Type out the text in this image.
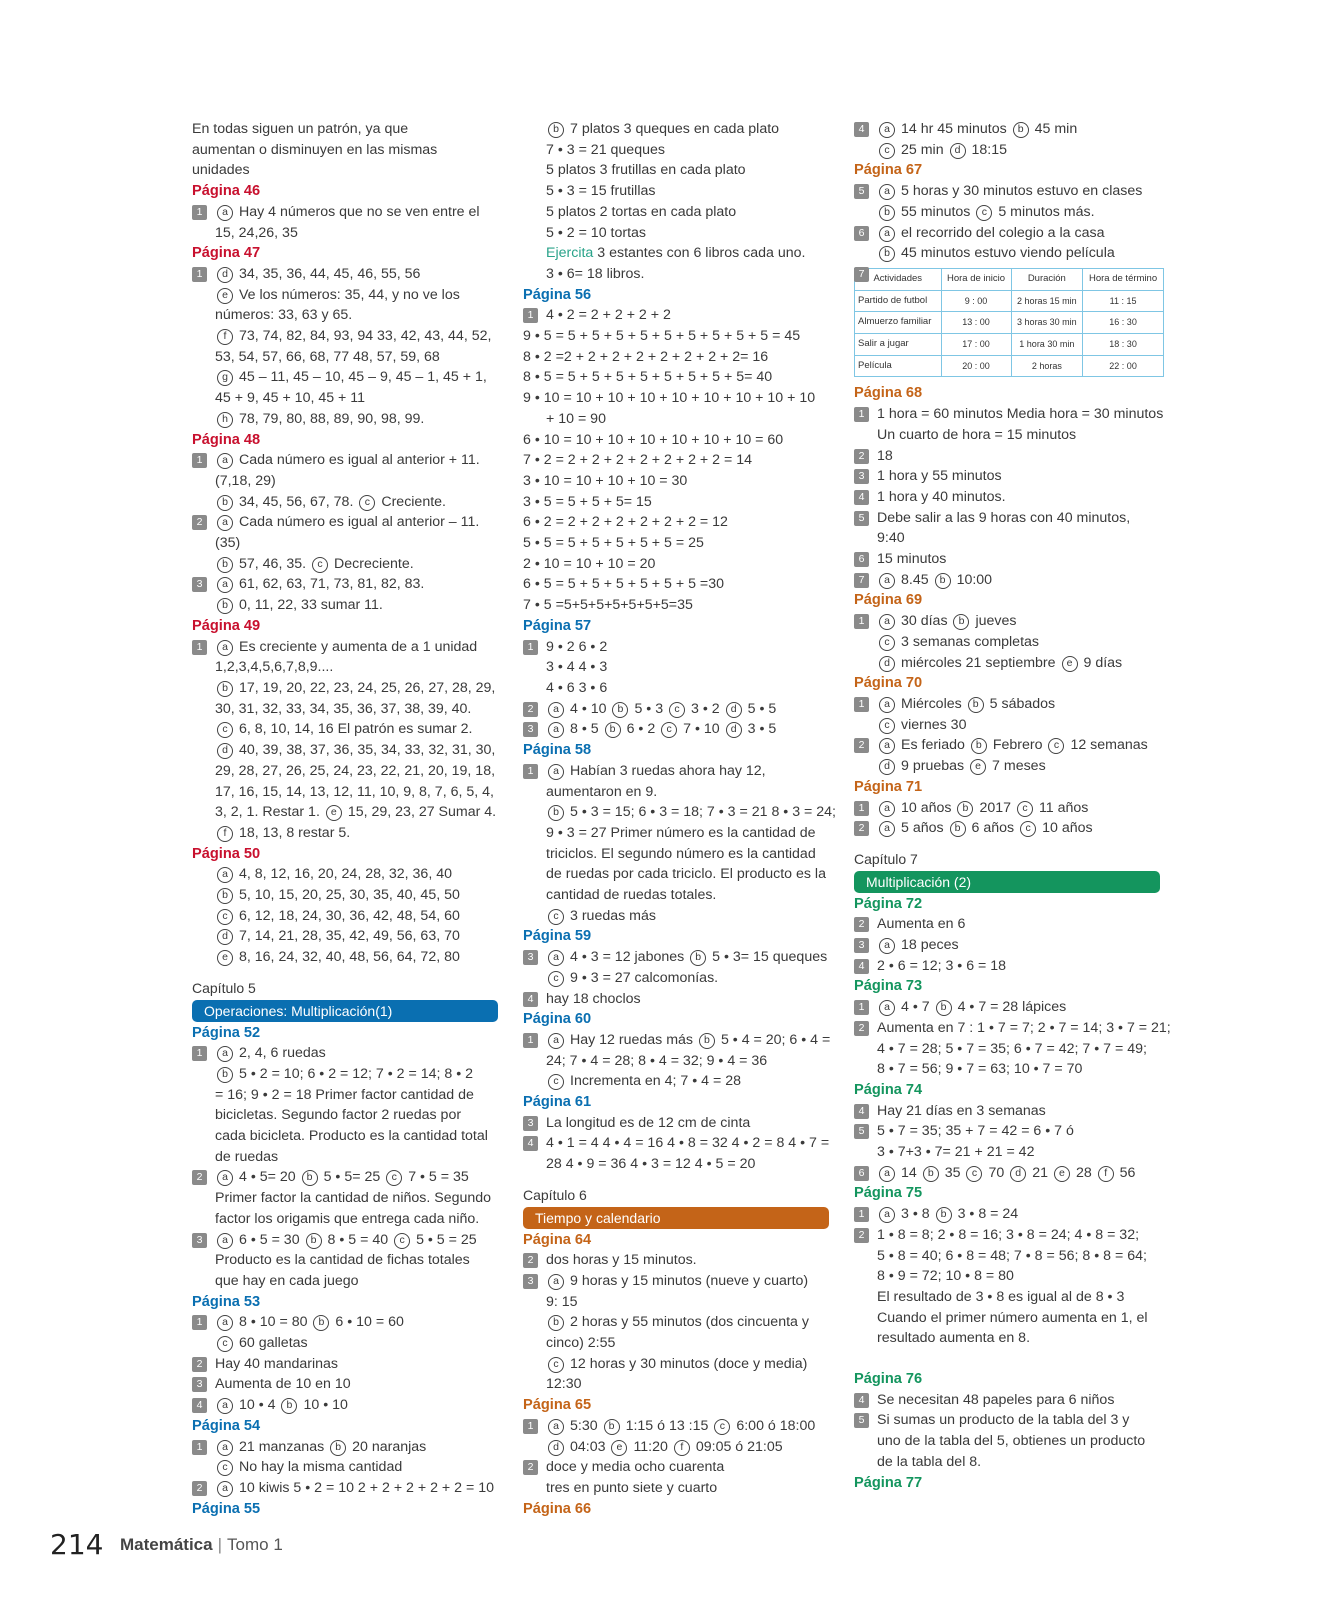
En todas siguen un patrón, ya que
aumentan o disminuyen en las mismas
unidades
Página 46
1	a Hay 4 números que no se ven entre el
15, 24,26, 35
Página 47
1	d 34, 35, 36, 44, 45, 46, 55, 56
e Ve los números: 35, 44, y no ve los
números: 33, 63 y 65.
f 73, 74, 82, 84, 93, 94 33, 42, 43, 44, 52,
53, 54, 57, 66, 68, 77 48, 57, 59, 68
g 45 – 11, 45 – 10, 45 – 9, 45 – 1, 45 + 1,
45 + 9, 45 + 10, 45 + 11
h 78, 79, 80, 88, 89, 90, 98, 99.
Página 48
1	a Cada número es igual al anterior + 11.
(7,18, 29)
b 34, 45, 56, 67, 78. c Creciente.
2	a Cada número es igual al anterior – 11.
(35)
b 57, 46, 35. c Decreciente.
3	a 61, 62, 63, 71, 73, 81, 82, 83.
b 0, 11, 22, 33 sumar 11.
Página 49
1	a Es creciente y aumenta de a 1 unidad
1,2,3,4,5,6,7,8,9....
b 17, 19, 20, 22, 23, 24, 25, 26, 27, 28, 29,
30, 31, 32, 33, 34, 35, 36, 37, 38, 39, 40.
c 6, 8, 10, 14, 16 El patrón es sumar 2.
d 40, 39, 38, 37, 36, 35, 34, 33, 32, 31, 30,
29, 28, 27, 26, 25, 24, 23, 22, 21, 20, 19, 18,
17, 16, 15, 14, 13, 12, 11, 10, 9, 8, 7, 6, 5, 4,
3, 2, 1. Restar 1. e 15, 29, 23, 27 Sumar 4.
f 18, 13, 8 restar 5.
Página 50
a 4, 8, 12, 16, 20, 24, 28, 32, 36, 40
b 5, 10, 15, 20, 25, 30, 35, 40, 45, 50
c 6, 12, 18, 24, 30, 36, 42, 48, 54, 60
d 7, 14, 21, 28, 35, 42, 49, 56, 63, 70
e 8, 16, 24, 32, 40, 48, 56, 64, 72, 80
Capítulo 5
Operaciones: Multiplicación(1)
Página 52
1	a 2, 4, 6 ruedas
b 5 • 2 = 10; 6 • 2 = 12; 7 • 2 = 14; 8 • 2
= 16; 9 • 2 = 18 Primer factor cantidad de
bicicletas. Segundo factor 2 ruedas por
cada bicicleta. Producto es la cantidad total
de ruedas
2	a 4 • 5= 20 b 5 • 5= 25 c 7 • 5 = 35
Primer factor la cantidad de niños. Segundo
factor los origamis que entrega cada niño.
3	a 6 • 5 = 30 b 8 • 5 = 40 c 5 • 5 = 25
Producto es la cantidad de fichas totales
que hay en cada juego
Página 53
1	a 8 • 10 = 80 b 6 • 10 = 60
c 60 galletas
2 Hay 40 mandarinas
3 Aumenta de 10 en 10
4	a 10 • 4 b 10 • 10
Página 54
1	a 21 manzanas b 20 naranjas
c No hay la misma cantidad
2	a 10 kiwis 5 • 2 = 10 2 + 2 + 2 + 2 + 2 = 10
Página 55
b 7 platos 3 queques en cada plato
7 • 3 = 21 queques
5 platos 3 frutillas en cada plato
5 • 3 = 15 frutillas
5 platos 2 tortas en cada plato
5 • 2 = 10 tortas
Ejercita 3 estantes con 6 libros cada uno.
3 • 6= 18 libros.
Página 56
1 4 • 2 = 2 + 2 + 2 + 2
9 • 5 = 5 + 5 + 5 + 5 + 5 + 5 + 5 + 5 + 5 = 45
8 • 2 =2 + 2 + 2 + 2 + 2 + 2 + 2 + 2= 16
8 • 5 = 5 + 5 + 5 + 5 + 5 + 5 + 5 + 5= 40
9 • 10 = 10 + 10 + 10 + 10 + 10 + 10 + 10 + 10
+ 10 = 90
6 • 10 = 10 + 10 + 10 + 10 + 10 + 10 = 60
7 • 2 = 2 + 2 + 2 + 2 + 2 + 2 + 2 = 14
3 • 10 = 10 + 10 + 10 = 30
3 • 5 = 5 + 5 + 5= 15
6 • 2 = 2 + 2 + 2 + 2 + 2 + 2 = 12
5 • 5 = 5 + 5 + 5 + 5 + 5 = 25
2 • 10 = 10 + 10 = 20
6 • 5 = 5 + 5 + 5 + 5 + 5 + 5 =30
7 • 5 =5+5+5+5+5+5+5=35
Página 57
1 9 • 2 6 • 2
3 • 4 4 • 3
4 • 6 3 • 6
2	a 4 • 10 b 5 • 3 c 3 • 2 d 5 • 5
3	a 8 • 5 b 6 • 2 c 7 • 10 d 3 • 5
Página 58
1	a Habían 3 ruedas ahora hay 12,
aumentaron en 9.
b 5 • 3 = 15; 6 • 3 = 18; 7 • 3 = 21 8 • 3 = 24;
9 • 3 = 27 Primer número es la cantidad de
triciclos. El segundo número es la cantidad
de ruedas por cada triciclo. El producto es la
cantidad de ruedas totales.
c 3 ruedas más
Página 59
3	a 4 • 3 = 12 jabones b 5 • 3= 15 queques
c 9 • 3 = 27 calcomonías.
4 hay 18 choclos
Página 60
1	a Hay 12 ruedas más b 5 • 4 = 20; 6 • 4 =
24; 7 • 4 = 28; 8 • 4 = 32; 9 • 4 = 36
c Incrementa en 4; 7 • 4 = 28
Página 61
3 La longitud es de 12 cm de cinta
4 4 • 1 = 4 4 • 4 = 16 4 • 8 = 32 4 • 2 = 8 4 • 7 =
28 4 • 9 = 36 4 • 3 = 12 4 • 5 = 20
Capítulo 6
Tiempo y calendario
Página 64
2 dos horas y 15 minutos.
3	a 9 horas y 15 minutos (nueve y cuarto)
9: 15
b 2 horas y 55 minutos (dos cincuenta y
cinco) 2:55
c 12 horas y 30 minutos (doce y media)
12:30
Página 65
1	a 5:30 b 1:15 ó 13 :15 c 6:00 ó 18:00
d 04:03 e 11:20 f 09:05 ó 21:05
2 doce y media ocho cuarenta
tres en punto siete y cuarto
Página 66
4	a 14 hr 45 minutos b 45 min
c 25 min d 18:15
Página 67
5	a 5 horas y 30 minutos estuvo en clases
b 55 minutos c 5 minutos más.
6	a el recorrido del colegio a la casa
b 45 minutos estuvo viendo película
7 Actividades	Hora de inicio	Duración	Hora de término
Partido de futbol	9 : 00	2 horas 15 min	11 : 15
Almuerzo familiar	13 : 00	3 horas 30 min	16 : 30
Salir a jugar	17 : 00	1 hora 30 min	18 : 30
Película	20 : 00	2 horas	22 : 00
Página 68
1 1 hora = 60 minutos Media hora = 30 minutos
Un cuarto de hora = 15 minutos
2 18
3 1 hora y 55 minutos
4 1 hora y 40 minutos.
5 Debe salir a las 9 horas con 40 minutos,
9:40
6 15 minutos
7	a 8.45 b 10:00
Página 69
1	a 30 días b jueves
c 3 semanas completas
d miércoles 21 septiembre e 9 días
Página 70
1	a Miércoles b 5 sábados
c viernes 30
2	a Es feriado b Febrero c 12 semanas
d 9 pruebas e 7 meses
Página 71
1	a 10 años b 2017 c 11 años
2	a 5 años b 6 años c 10 años
Capítulo 7
Multiplicación (2)
Página 72
2 Aumenta en 6
3	a 18 peces
4 2 • 6 = 12; 3 • 6 = 18
Página 73
1	a 4 • 7 b 4 • 7 = 28 lápices
2 Aumenta en 7 : 1 • 7 = 7; 2 • 7 = 14; 3 • 7 = 21;
4 • 7 = 28; 5 • 7 = 35; 6 • 7 = 42; 7 • 7 = 49;
8 • 7 = 56; 9 • 7 = 63; 10 • 7 = 70
Página 74
4 Hay 21 días en 3 semanas
5 5 • 7 = 35; 35 + 7 = 42 = 6 • 7 ó
3 • 7+3 • 7= 21 + 21 = 42
6	a 14 b 35 c 70 d 21 e 28 f 56
Página 75
1	a 3 • 8 b 3 • 8 = 24
2 1 • 8 = 8; 2 • 8 = 16; 3 • 8 = 24; 4 • 8 = 32;
5 • 8 = 40; 6 • 8 = 48; 7 • 8 = 56; 8 • 8 = 64;
8 • 9 = 72; 10 • 8 = 80
El resultado de 3 • 8 es igual al de 8 • 3
Cuando el primer número aumenta en 1, el
resultado aumenta en 8.
Página 76
4 Se necesitan 48 papeles para 6 niños
5 Si sumas un producto de la tabla del 3 y
uno de la tabla del 5, obtienes un producto
de la tabla del 8.
Página 77
214 Matemática | Tomo 1
